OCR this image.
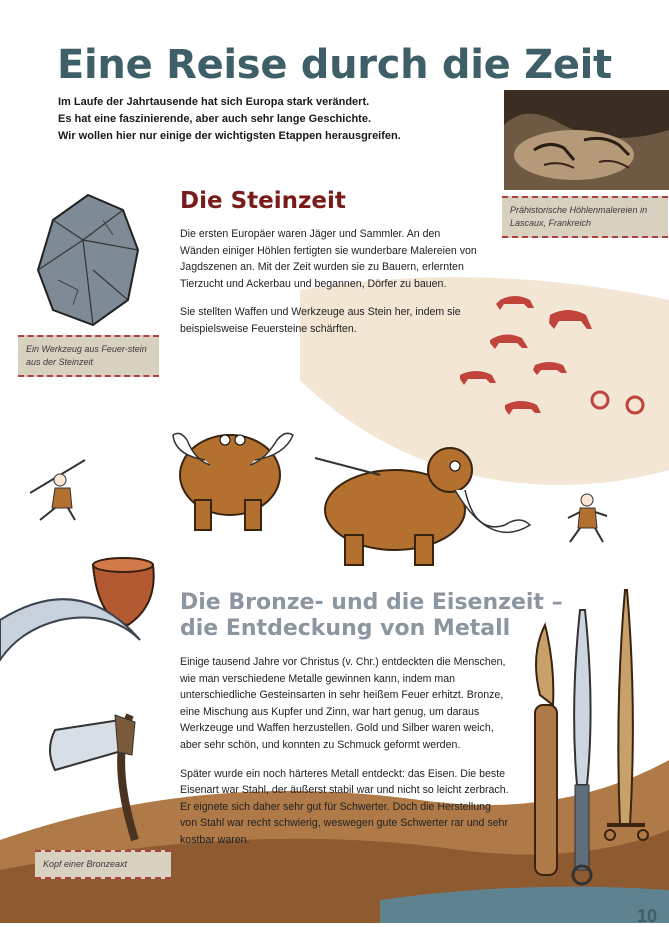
Eine Reise durch die Zeit

Im Laufe der Jahrtausende hat sich Europa stark verändert.

Es hat eine faszinierende, aber auch sehr lange Geschichte.

Wir wollen hier nur einige der wichtigsten Etappen herausgreifen.

Die Steinzeit

Die ersten Europäer waren Jäger und Sammler. An den Wänden einiger Höhlen fertigten sie wunderbare Malereien von Jagdszenen an. Mit der Zeit wurden sie zu Bauern, erlernten Tierzucht und Ackerbau und begannen, Dörfer zu bauen.

Sie stellten Waffen und Werkzeuge aus Stein her, indem sie beispielsweise Feuersteine schärften.

Ein Werkzeug aus Feuer-stein aus der Steinzeit
Prähistorische Höhlenmalereien in Lascaux, Frankreich
Die Bronze- und die Eisenzeit –
die Entdeckung von Metall

Einige tausend Jahre vor Christus (v. Chr.) entdeckten die Menschen, wie man verschiedene Metalle gewinnen kann, indem man unterschiedliche Gesteinsarten in sehr heißem Feuer erhitzt. Bronze, eine Mischung aus Kupfer und Zinn, war hart genug, um daraus Werkzeuge und Waffen herzustellen. Gold und Silber waren weich, aber sehr schön, und konnten zu Schmuck geformt werden.

Später wurde ein noch härteres Metall entdeckt: das Eisen. Die beste Eisenart war Stahl, der äußerst stabil war und nicht so leicht zerbrach. Er eignete sich daher sehr gut für Schwerter. Doch die Herstellung von Stahl war recht schwierig, weswegen gute Schwerter rar und sehr kostbar waren.

Kopf einer Bronzeaxt
10
